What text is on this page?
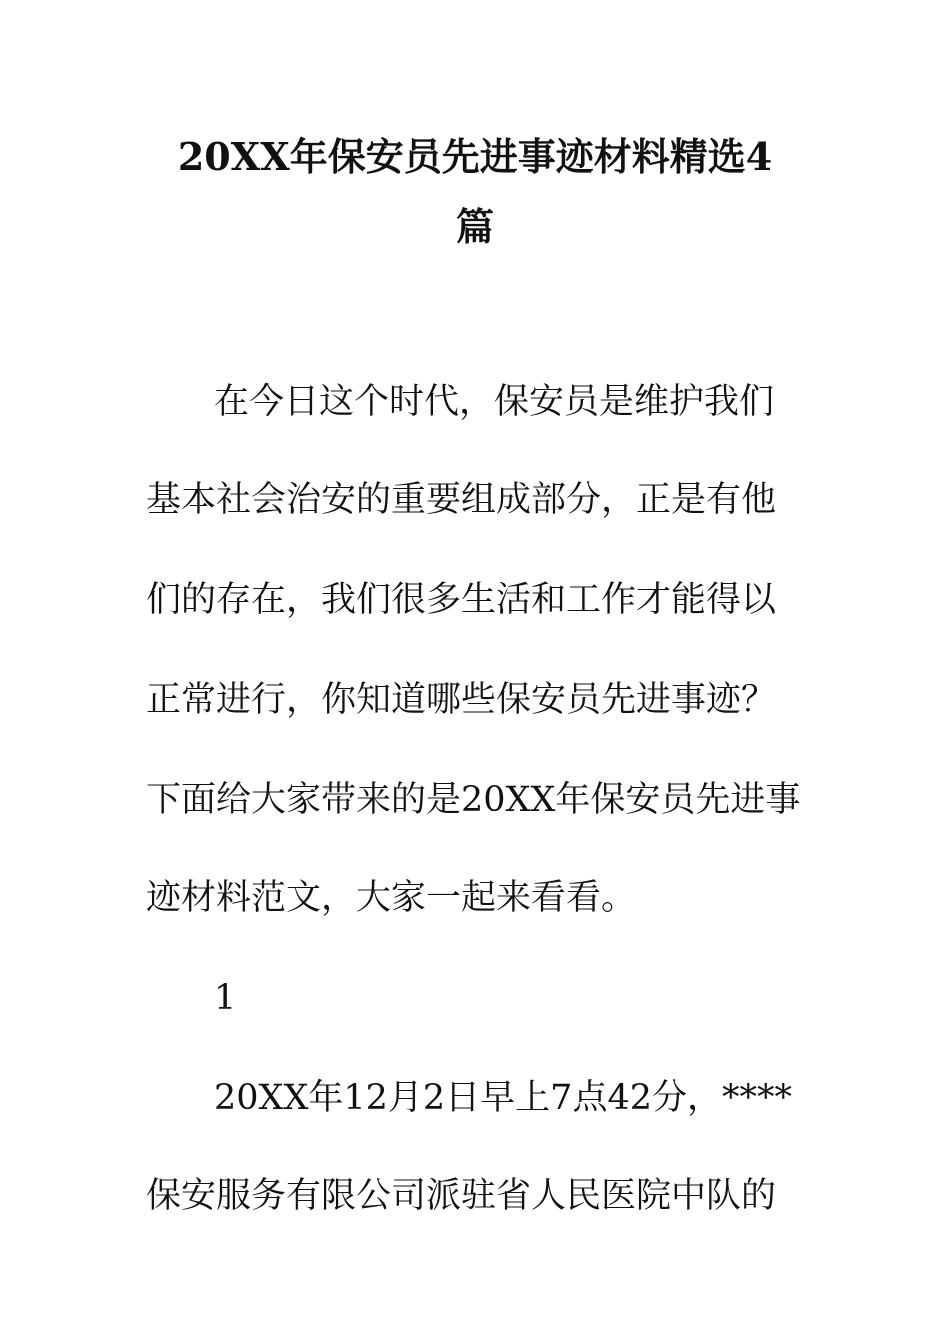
20XX年保安员先进事迹材料精选4
篇
在今日这个时代，保安员是维护我们
基本社会治安的重要组成部分，正是有他
们的存在，我们很多生活和工作才能得以
正常进行，你知道哪些保安员先进事迹？
下面给大家带来的是20XX年保安员先进事
迹材料范文，大家一起来看看。
1
20XX年12月2日早上7点42分，****
保安服务有限公司派驻省人民医院中队的
